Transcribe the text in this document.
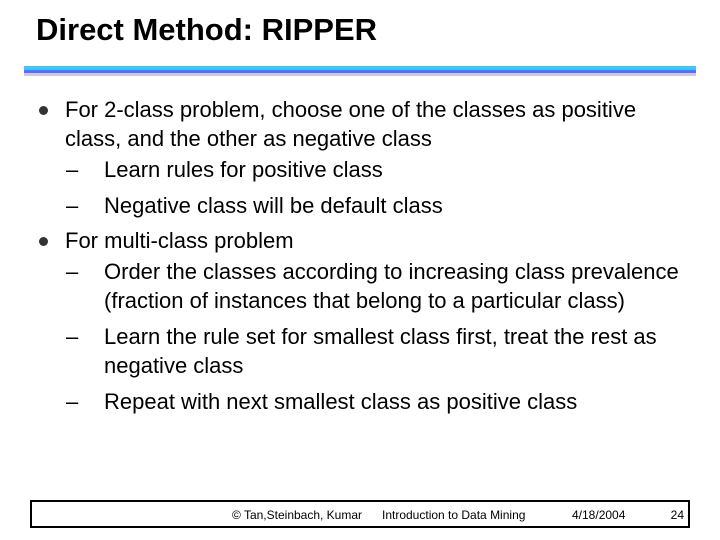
Direct Method: RIPPER
For 2-class problem, choose one of the classes as positive class, and the other as negative class
– Learn rules for positive class
– Negative class will be default class
For multi-class problem
– Order the classes according to increasing class prevalence (fraction of instances that belong to a particular class)
– Learn the rule set for smallest class first, treat the rest as negative class
– Repeat with next smallest class as positive class
© Tan,Steinbach, Kumar Introduction to Data Mining	4/18/2004	24
